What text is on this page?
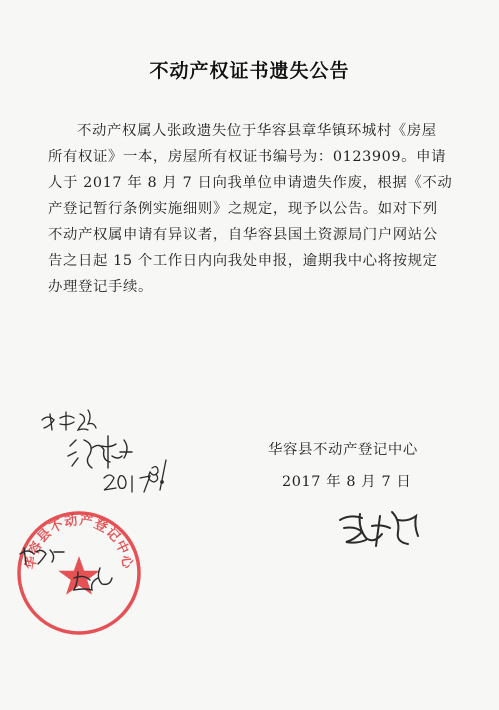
不动产权证书遗失公告
不动产权属人张政遗失位于华容县章华镇环城村《房屋
所有权证》一本，房屋所有权证书编号为：0123909。申请
人于 2017 年 8 月 7 日向我单位申请遗失作废，根据《不动
产登记暂行条例实施细则》之规定，现予以公告。如对下列
不动产权属申请有异议者，自华容县国土资源局门户网站公
告之日起 15 个工作日内向我处申报，逾期我中心将按规定
办理登记手续。
华容县不动产登记中心
2017 年 8 月 7 日
华容县不动产登记中心
